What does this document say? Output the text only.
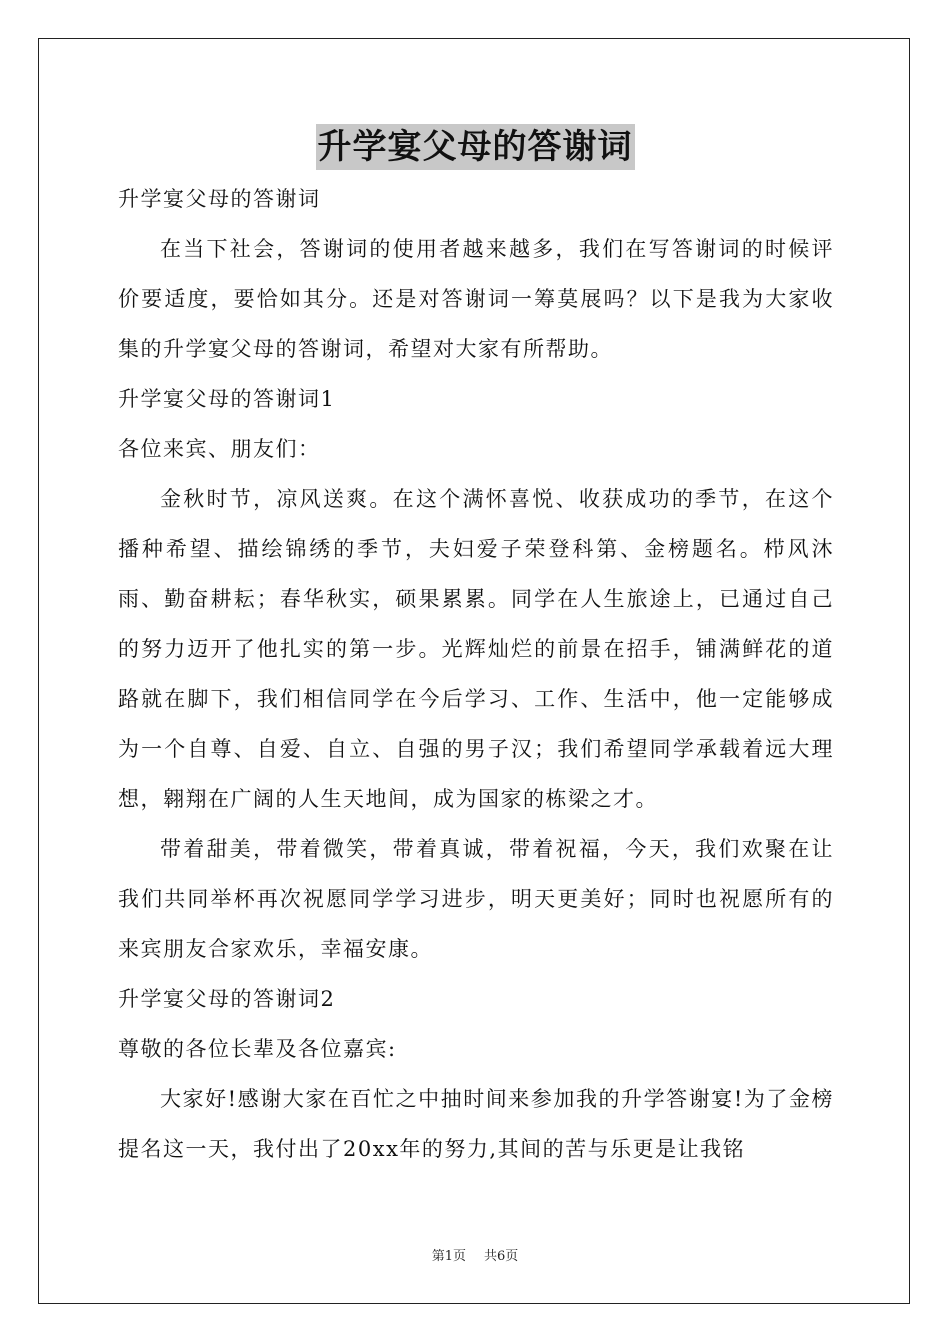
升学宴父母的答谢词

升学宴父母的答谢词

在当下社会，答谢词的使用者越来越多，我们在写答谢词的时候评价要适度，要恰如其分。还是对答谢词一筹莫展吗？以下是我为大家收集的升学宴父母的答谢词，希望对大家有所帮助。

升学宴父母的答谢词1

各位来宾、朋友们：

金秋时节，凉风送爽。在这个满怀喜悦、收获成功的季节，在这个播种希望、描绘锦绣的季节，夫妇爱子荣登科第、金榜题名。栉风沐雨、勤奋耕耘；春华秋实，硕果累累。同学在人生旅途上，已通过自己的努力迈开了他扎实的第一步。光辉灿烂的前景在招手，铺满鲜花的道路就在脚下，我们相信同学在今后学习、工作、生活中，他一定能够成为一个自尊、自爱、自立、自强的男子汉；我们希望同学承载着远大理想，翱翔在广阔的人生天地间，成为国家的栋梁之才。

带着甜美，带着微笑，带着真诚，带着祝福，今天，我们欢聚在让我们共同举杯再次祝愿同学学习进步，明天更美好；同时也祝愿所有的来宾朋友合家欢乐，幸福安康。

升学宴父母的答谢词2

尊敬的各位长辈及各位嘉宾:

大家好!感谢大家在百忙之中抽时间来参加我的升学答谢宴!为了金榜提名这一天，我付出了20xx年的努力,其间的苦与乐更是让我铭

第1页 共6页
